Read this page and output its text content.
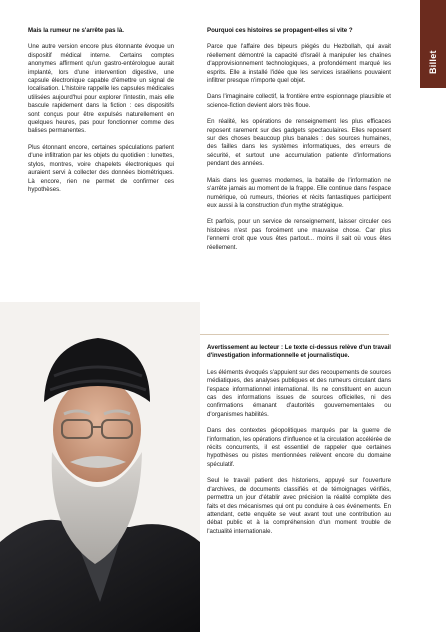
Billet

Mais la rumeur ne s'arrête pas là.

Une autre version encore plus étonnante évoque un dispositif médical interne. Certains comptes anonymes affirment qu'un gastro-entérologue aurait implanté, lors d'une intervention digestive, une capsule électronique capable d'émettre un signal de localisation. L'histoire rappelle les capsules médicales utilisées aujourd'hui pour explorer l'intestin, mais elle bascule rapidement dans la fiction : ces dispositifs sont conçus pour être expulsés naturellement en quelques heures, pas pour fonctionner comme des balises permanentes.

Plus étonnant encore, certaines spéculations parlent d'une infiltration par les objets du quotidien : lunettes, stylos, montres, voire chapelets électroniques qui auraient servi à collecter des données biométriques. Là encore, rien ne permet de confirmer ces hypothèses.

Pourquoi ces histoires se propagent-elles si vite ?

Parce que l'affaire des bipeurs piégés du Hezbollah, qui avait réellement démontré la capacité d'Israël à manipuler les chaînes d'approvisionnement technologiques, a profondément marqué les esprits. Elle a installé l'idée que les services israéliens pouvaient infiltrer presque n'importe quel objet.

Dans l'imaginaire collectif, la frontière entre espionnage plausible et science-fiction devient alors très floue.

En réalité, les opérations de renseignement les plus efficaces reposent rarement sur des gadgets spectaculaires. Elles reposent sur des choses beaucoup plus banales : des sources humaines, des failles dans les systèmes informatiques, des erreurs de sécurité, et surtout une accumulation patiente d'informations pendant des années.

Mais dans les guerres modernes, la bataille de l'information ne s'arrête jamais au moment de la frappe. Elle continue dans l'espace numérique, où rumeurs, théories et récits fantastiques participent eux aussi à la construction d'un mythe stratégique.

Et parfois, pour un service de renseignement, laisser circuler ces histoires n'est pas forcément une mauvaise chose. Car plus l'ennemi croit que vous êtes partout... moins il sait où vous êtes réellement.

Avertissement au lecteur : Le texte ci-dessus relève d'un travail d'investigation informationnelle et journalistique.

Les éléments évoqués s'appuient sur des recoupements de sources médiatiques, des analyses publiques et des rumeurs circulant dans l'espace informationnel international. Ils ne constituent en aucun cas des informations issues de sources officielles, ni des confirmations émanant d'autorités gouvernementales ou d'organismes habilités.

Dans des contextes géopolitiques marqués par la guerre de l'information, les opérations d'influence et la circulation accélérée de récits concurrents, il est essentiel de rappeler que certaines hypothèses ou pistes mentionnées relèvent encore du domaine spéculatif.

Seul le travail patient des historiens, appuyé sur l'ouverture d'archives, de documents classifiés et de témoignages vérifiés, permettra un jour d'établir avec précision la réalité complète des faits et des mécanismes qui ont pu conduire à ces événements. En attendant, cette enquête se veut avant tout une contribution au débat public et à la compréhension d'un moment trouble de l'actualité internationale.
